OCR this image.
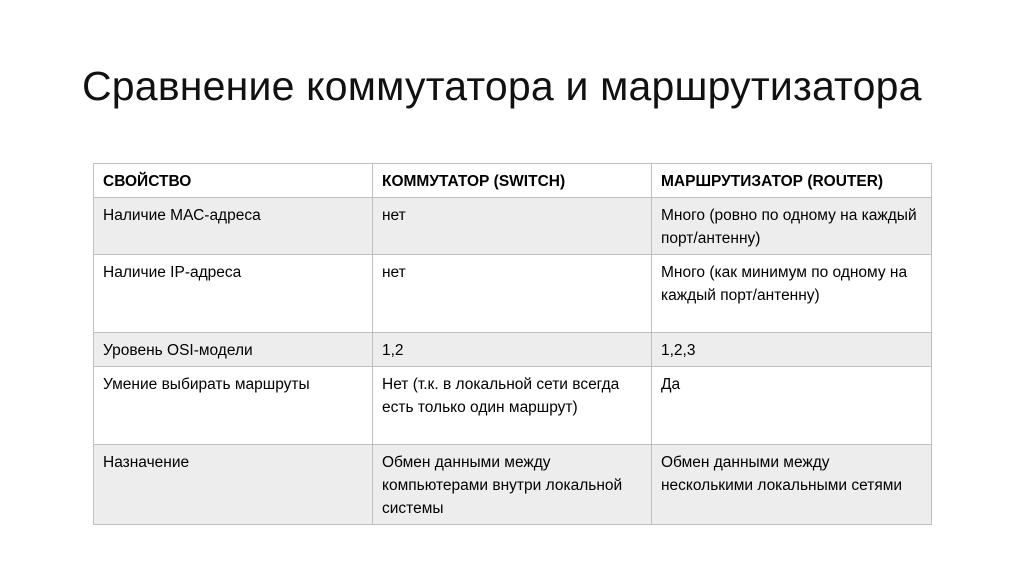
Сравнение коммутатора и маршрутизатора
СВОЙСТВО	КОММУТАТОР (SWITCH)	МАРШРУТИЗАТОР (ROUTER)
Наличие МАС-адреса	нет	Много (ровно по одному на каждый порт/антенну)
Наличие IP-адреса	нет	Много (как минимум по одному на каждый порт/антенну)
Уровень OSI-модели	1,2	1,2,3
Умение выбирать маршруты	Нет (т.к. в локальной сети всегда есть только один маршрут)	Да
Назначение	Обмен данными между компьютерами внутри локальной системы	Обмен данными между несколькими локальными сетями
